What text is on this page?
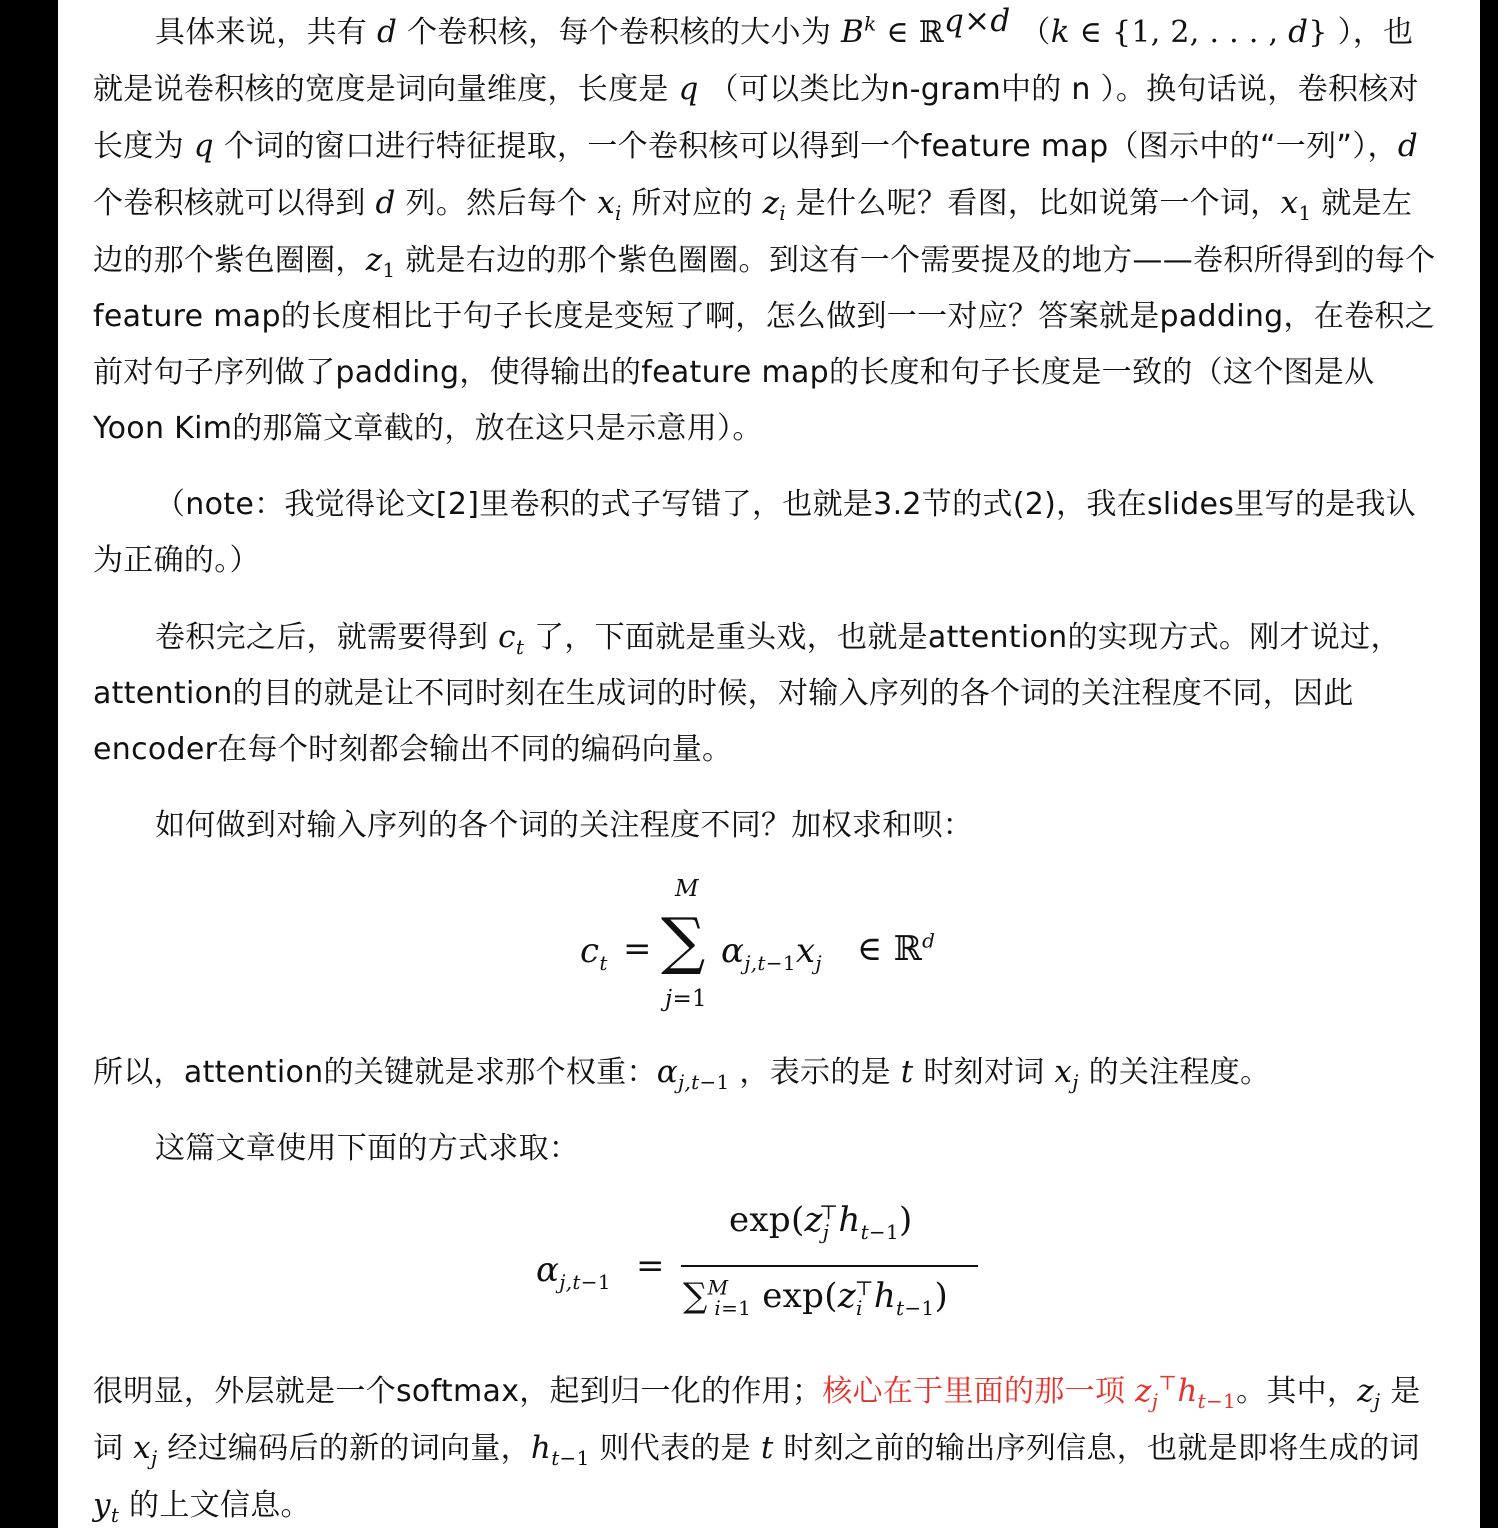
具体来说，共有 d 个卷积核，每个卷积核的大小为 $B^k$ ∈ ℝ$^{q\times d}$ （k ∈ {1, 2, . . . , d} ），也就是说卷积核的宽度是词向量维度，长度是 q （可以类比为n-gram中的 n ）。换句话说，卷积核对长度为 q 个词的窗口进行特征提取，一个卷积核可以得到一个feature map（图示中的“一列”），d 个卷积核就可以得到 d 列。然后每个 $x_i$ 所对应的 $z_i$ 是什么呢？看图，比如说第一个词，$x_1$ 就是左边的那个紫色圈圈，$z_1$ 就是右边的那个紫色圈圈。到这有一个需要提及的地方——卷积所得到的每个feature map的长度相比于句子长度是变短了啊，怎么做到一一对应？答案就是padding，在卷积之前对句子序列做了padding，使得输出的feature map的长度和句子长度是一致的（这个图是从Yoon Kim的那篇文章截的，放在这只是示意用）。

（note：我觉得论文[2]里卷积的式子写错了，也就是3.2节的式(2)，我在slides里写的是我认为正确的。）

卷积完之后，就需要得到 $c_t$ 了，下面就是重头戏，也就是attention的实现方式。刚才说过，attention的目的就是让不同时刻在生成词的时候，对输入序列的各个词的关注程度不同，因此encoder在每个时刻都会输出不同的编码向量。

如何做到对输入序列的各个词的关注程度不同？加权求和呗：

$c_t$ =
M
∑
j=1
$\alpha_{j,t-1}x_j$ ∈ ℝ$^d$

所以，attention的关键就是求那个权重：$\alpha_{j,t-1}$ ，表示的是 t 时刻对词 $x_j$ 的关注程度。

这篇文章使用下面的方式求取：

$\alpha_{j,t-1}$ =
$\exp(z_j^⊤h_{t-1})$
∑$^M_{i=1}$ $\exp(z_i^⊤h_{t-1})$

很明显，外层就是一个softmax，起到归一化的作用；核心在于里面的那一项 $z_j^⊤h_{t-1}$。其中，$z_j$ 是词 $x_j$ 经过编码后的新的词向量，$h_{t-1}$ 则代表的是 t 时刻之前的输出序列信息，也就是即将生成的词 $y_t$ 的上文信息。
